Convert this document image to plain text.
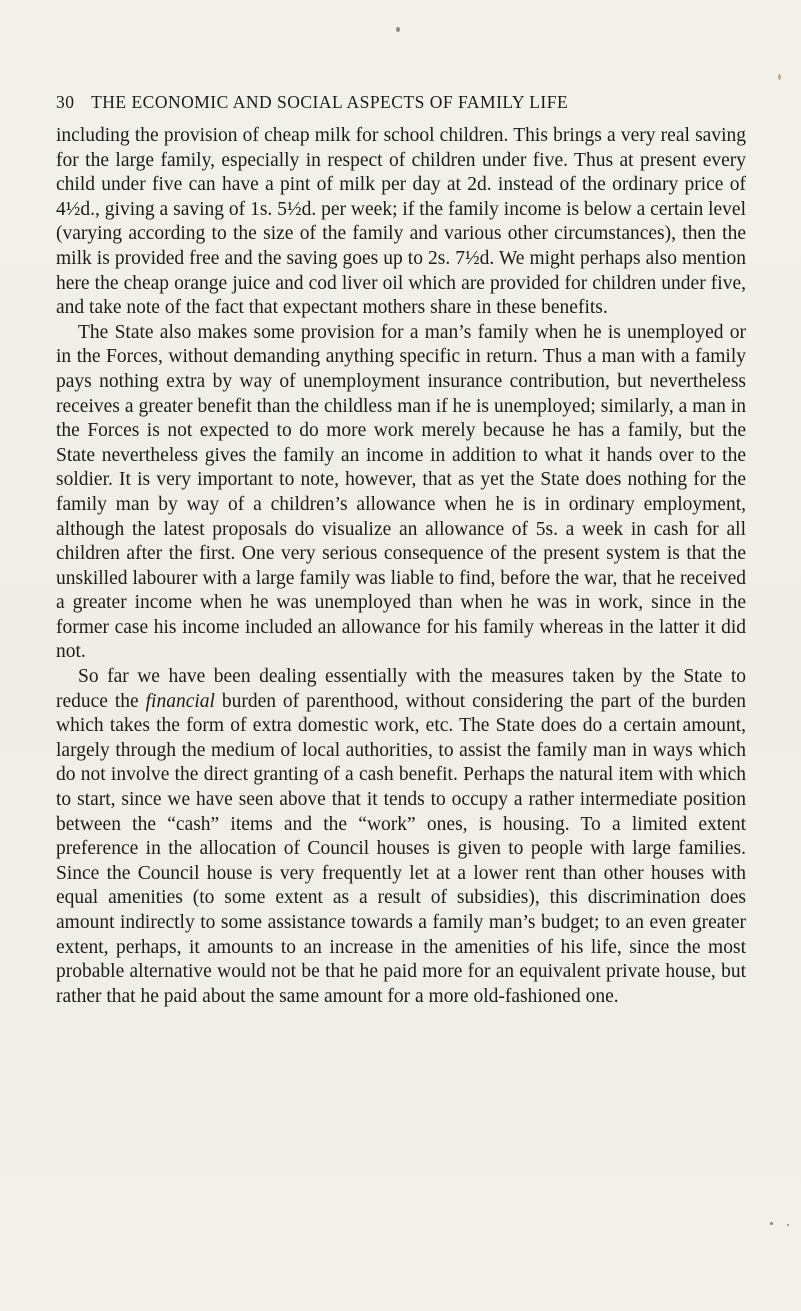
30 THE ECONOMIC AND SOCIAL ASPECTS OF FAMILY LIFE

including the provision of cheap milk for school children. This brings a very real saving for the large family, especially in respect of children under five. Thus at present every child under five can have a pint of milk per day at 2d. instead of the ordinary price of 4½d., giving a saving of 1s. 5½d. per week; if the family income is below a certain level (varying according to the size of the family and various other circumstances), then the milk is provided free and the saving goes up to 2s. 7½d. We might perhaps also mention here the cheap orange juice and cod liver oil which are provided for children under five, and take note of the fact that expectant mothers share in these benefits.

The State also makes some provision for a man’s family when he is unemployed or in the Forces, without demanding anything specific in return. Thus a man with a family pays nothing extra by way of unemployment insurance contribution, but nevertheless receives a greater benefit than the childless man if he is unemployed; similarly, a man in the Forces is not expected to do more work merely because he has a family, but the State nevertheless gives the family an income in addition to what it hands over to the soldier. It is very important to note, however, that as yet the State does nothing for the family man by way of a children’s allowance when he is in ordinary employment, although the latest proposals do visualize an allowance of 5s. a week in cash for all children after the first. One very serious consequence of the present system is that the unskilled labourer with a large family was liable to find, before the war, that he received a greater income when he was unemployed than when he was in work, since in the former case his income included an allowance for his family whereas in the latter it did not.

So far we have been dealing essentially with the measures taken by the State to reduce the financial burden of parenthood, without considering the part of the burden which takes the form of extra domestic work, etc. The State does do a certain amount, largely through the medium of local authorities, to assist the family man in ways which do not involve the direct granting of a cash benefit. Perhaps the natural item with which to start, since we have seen above that it tends to occupy a rather intermediate position between the “cash” items and the “work” ones, is housing. To a limited extent preference in the allocation of Council houses is given to people with large families. Since the Council house is very frequently let at a lower rent than other houses with equal amenities (to some extent as a result of subsidies), this discrimination does amount indirectly to some assistance towards a family man’s budget; to an even greater extent, perhaps, it amounts to an increase in the amenities of his life, since the most probable alternative would not be that he paid more for an equivalent private house, but rather that he paid about the same amount for a more old-fashioned one.
